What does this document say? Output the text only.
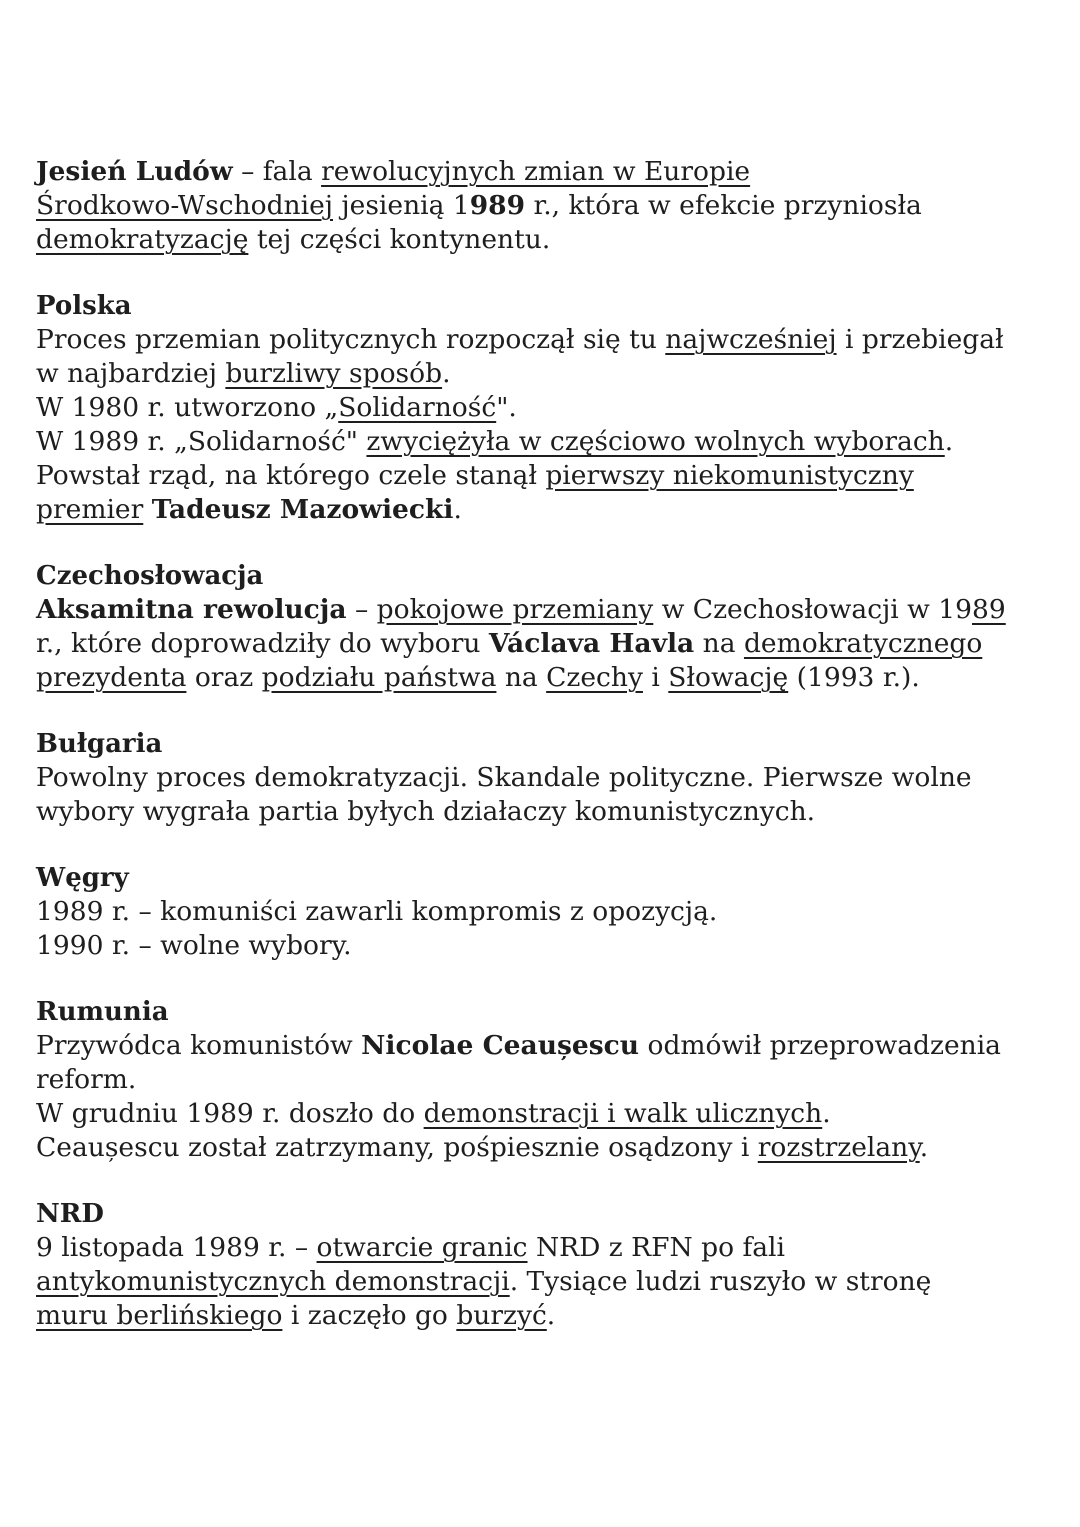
Jesień Ludów – fala rewolucyjnych zmian w Europie
Środkowo-Wschodniej jesienią 1989 r., która w efekcie przyniosła
demokratyzację tej części kontynentu.
Polska
Proces przemian politycznych rozpoczął się tu najwcześniej i przebiegał
w najbardziej burzliwy sposób.
W 1980 r. utworzono „Solidarność".
W 1989 r. „Solidarność" zwyciężyła w częściowo wolnych wyborach.
Powstał rząd, na którego czele stanął pierwszy niekomunistyczny
premier Tadeusz Mazowiecki.
Czechosłowacja
Aksamitna rewolucja – pokojowe przemiany w Czechosłowacji w 1989
r., które doprowadziły do wyboru Václava Havla na demokratycznego
prezydenta oraz podziału państwa na Czechy i Słowację (1993 r.).
Bułgaria
Powolny proces demokratyzacji. Skandale polityczne. Pierwsze wolne
wybory wygrała partia byłych działaczy komunistycznych.
Węgry
1989 r. – komuniści zawarli kompromis z opozycją.
1990 r. – wolne wybory.
Rumunia
Przywódca komunistów Nicolae Ceaușescu odmówił przeprowadzenia
reform.
W grudniu 1989 r. doszło do demonstracji i walk ulicznych.
Ceaușescu został zatrzymany, pośpiesznie osądzony i rozstrzelany.
NRD
9 listopada 1989 r. – otwarcie granic NRD z RFN po fali
antykomunistycznych demonstracji. Tysiące ludzi ruszyło w stronę
muru berlińskiego i zaczęło go burzyć.
